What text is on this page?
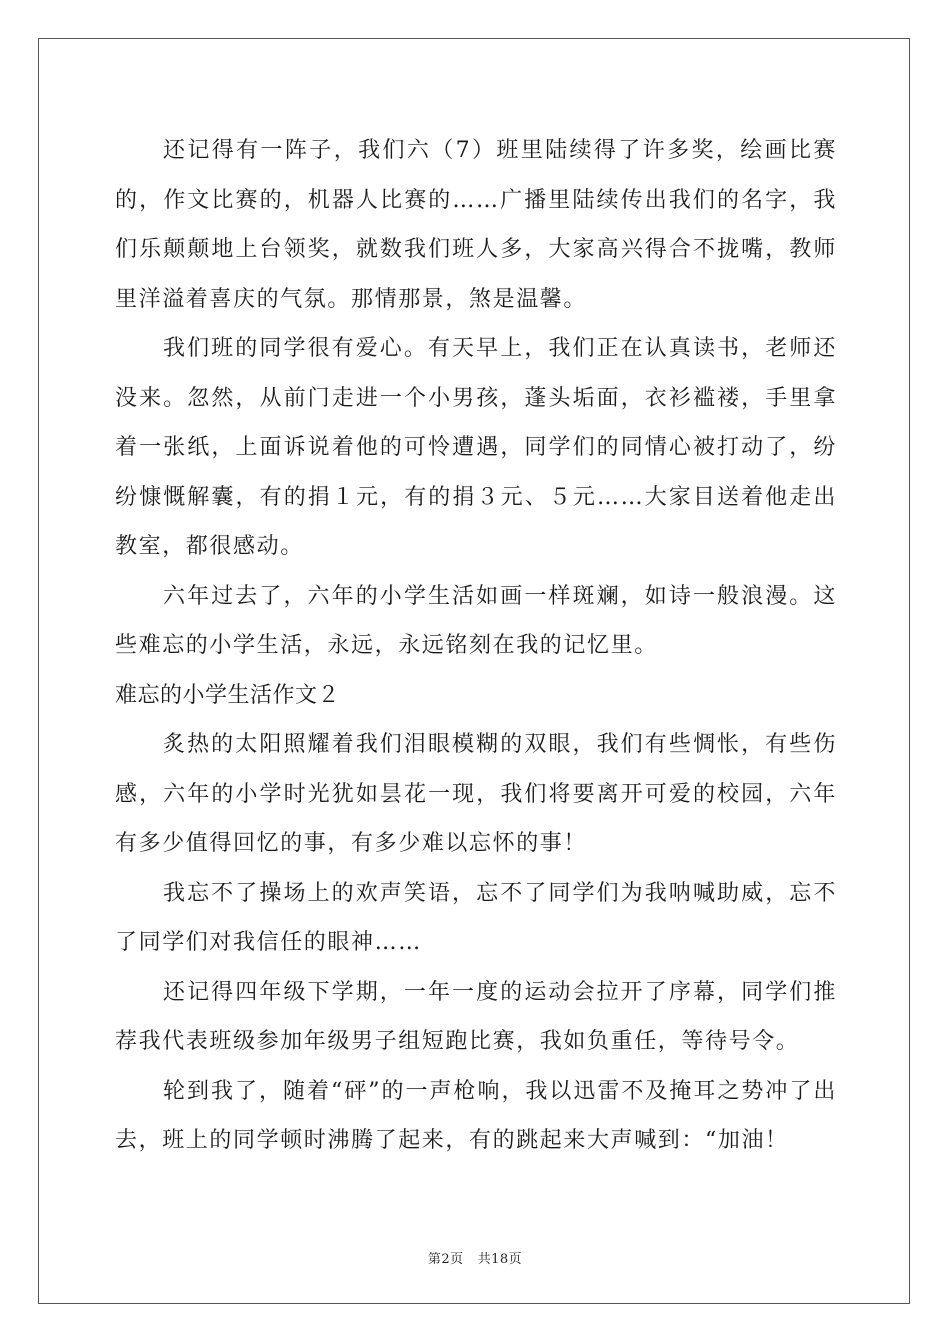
还记得有一阵子，我们六（7）班里陆续得了许多奖，绘画比赛的，作文比赛的，机器人比赛的……广播里陆续传出我们的名字，我们乐颠颠地上台领奖，就数我们班人多，大家高兴得合不拢嘴，教师里洋溢着喜庆的气氛。那情那景，煞是温馨。

我们班的同学很有爱心。有天早上，我们正在认真读书，老师还没来。忽然，从前门走进一个小男孩，蓬头垢面，衣衫褴褛，手里拿着一张纸，上面诉说着他的可怜遭遇，同学们的同情心被打动了，纷纷慷慨解囊，有的捐１元，有的捐３元、５元……大家目送着他走出教室，都很感动。

六年过去了，六年的小学生活如画一样斑斓，如诗一般浪漫。这些难忘的小学生活，永远，永远铭刻在我的记忆里。

难忘的小学生活作文２

炙热的太阳照耀着我们泪眼模糊的双眼，我们有些惆怅，有些伤感，六年的小学时光犹如昙花一现，我们将要离开可爱的校园，六年有多少值得回忆的事，有多少难以忘怀的事！

我忘不了操场上的欢声笑语，忘不了同学们为我呐喊助威，忘不了同学们对我信任的眼神……

还记得四年级下学期，一年一度的运动会拉开了序幕，同学们推荐我代表班级参加年级男子组短跑比赛，我如负重任，等待号令。

轮到我了，随着“砰”的一声枪响，我以迅雷不及掩耳之势冲了出去，班上的同学顿时沸腾了起来，有的跳起来大声喊到：“加油！

第2页 共18页
